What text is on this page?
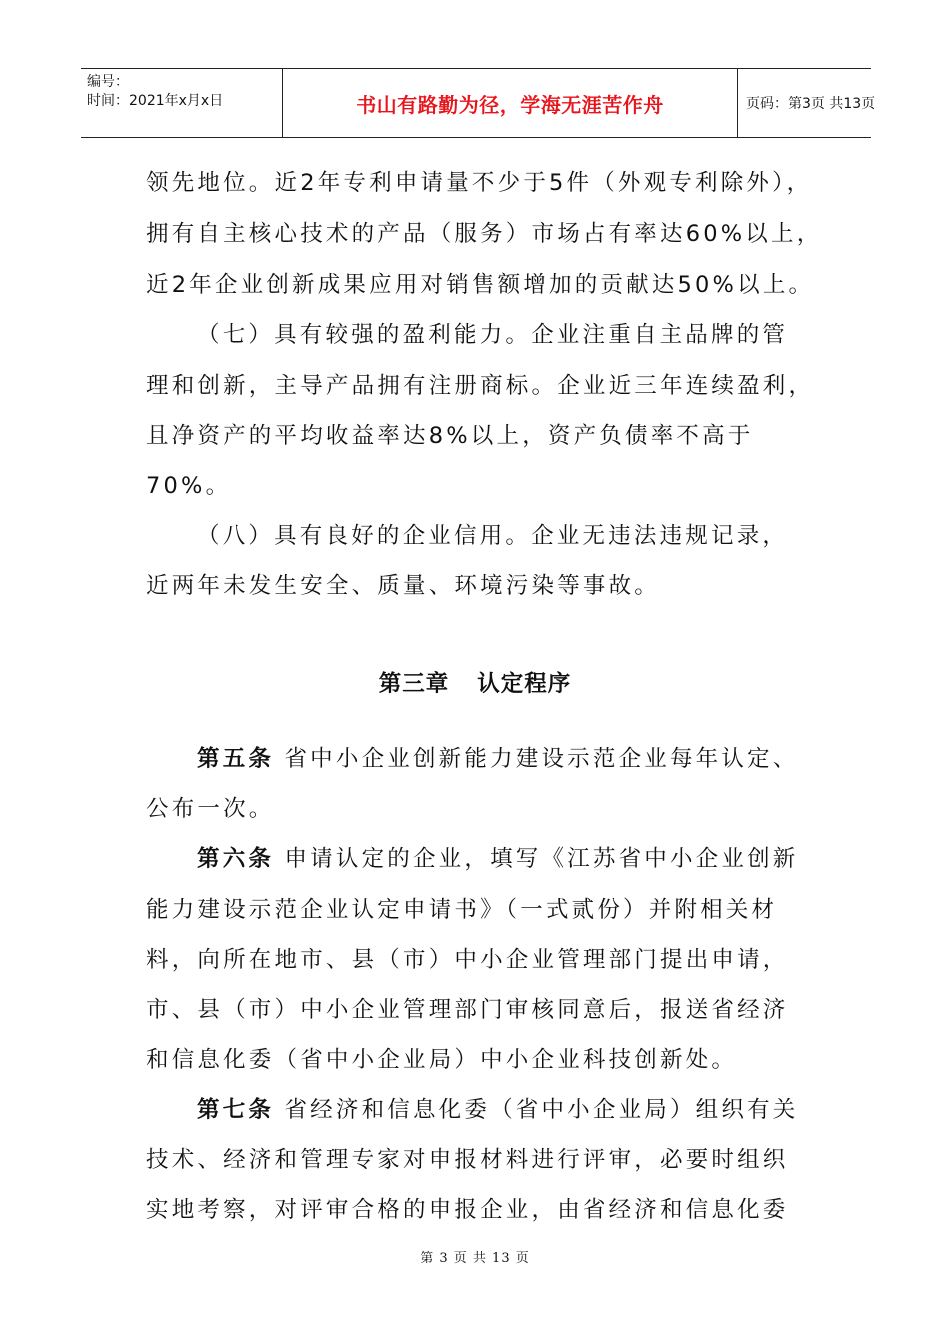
编号：
时间：2021年x月x日	书山有路勤为径，学海无涯苦作舟	页码：第3页 共13页
领先地位。近2年专利申请量不少于5件（外观专利除外），
拥有自主核心技术的产品（服务）市场占有率达60%以上，
近2年企业创新成果应用对销售额增加的贡献达50%以上。
（七）具有较强的盈利能力。企业注重自主品牌的管
理和创新，主导产品拥有注册商标。企业近三年连续盈利，
且净资产的平均收益率达8%以上，资产负债率不高于
70%。
（八）具有良好的企业信用。企业无违法违规记录，
近两年未发生安全、质量、环境污染等事故。
第三章 认定程序
第五条 省中小企业创新能力建设示范企业每年认定、
公布一次。
第六条 申请认定的企业，填写《江苏省中小企业创新
能力建设示范企业认定申请书》（一式贰份）并附相关材
料，向所在地市、县（市）中小企业管理部门提出申请，
市、县（市）中小企业管理部门审核同意后，报送省经济
和信息化委（省中小企业局）中小企业科技创新处。
第七条 省经济和信息化委（省中小企业局）组织有关
技术、经济和管理专家对申报材料进行评审，必要时组织
实地考察，对评审合格的申报企业，由省经济和信息化委
第 3 页 共 13 页
